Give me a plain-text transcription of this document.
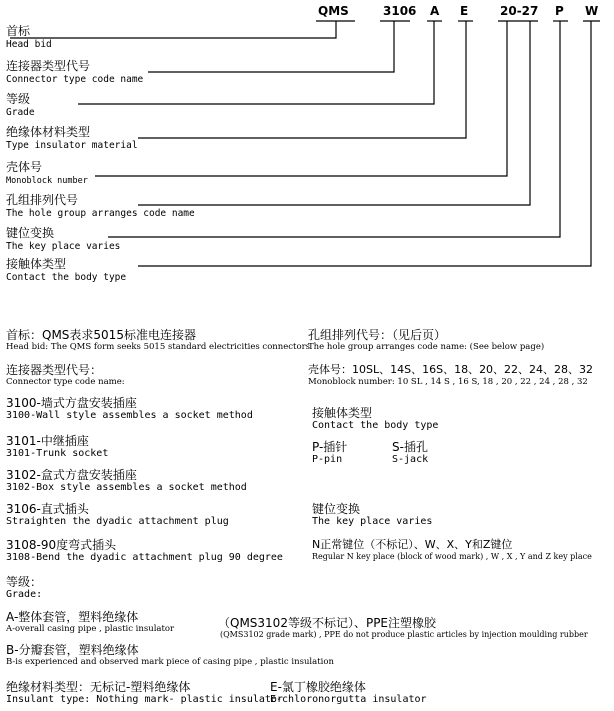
QMS	3106 A E	20-27 P W
首标
Head bid
连接器类型代号
Connector type code name
等级
Grade
绝缘体材料类型
Type insulator material
壳体号
Monoblock number
孔组排列代号
The hole group arranges code name
键位变换
The key place varies
接触体类型
Contact the body type
首标：QMS表求5015标准电连接器
Head bid: The QMS form seeks 5015 standard electricities connectors
连接器类型代号：
Connector type code name:
3100-墙式方盘安装插座
3100-Wall style assembles a socket method
3101-中继插座
3101-Trunk socket
3102-盒式方盘安装插座
3102-Box style assembles a socket method
3106-直式插头
Straighten the dyadic attachment plug
3108-90度弯式插头
3108-Bend the dyadic attachment plug 90 degree
等级：
Grade:
A-整体套管，塑料绝缘体
A-overall casing pipe , plastic insulator
B-分瓣套管，塑料绝缘体
B-is experienced and observed mark piece of casing pipe , plastic insulation
绝缘材料类型：无标记-塑料绝缘体
Insulant type: Nothing mark- plastic insulator
E-氯丁橡胶绝缘体
E-chloronorgutta insulator
（QMS3102等级不标记）、PPE注塑橡胶
(QMS3102 grade mark) , PPE do not produce plastic articles by injection moulding rubber
孔组排列代号：（见后页）
The hole group arranges code name: (See below page)
壳体号：10SL、14S、16S、18、20、22、24、28、32
Monoblock number: 10 SL , 14 S , 16 S, 18 , 20 , 22 , 24 , 28 , 32
接触体类型
Contact the body type
P-插针
P-pin
S-插孔
S-jack
键位变换
The key place varies
N正常键位（不标记）、W、X、Y和Z键位
Regular N key place (block of wood mark) , W , X , Y and Z key place
